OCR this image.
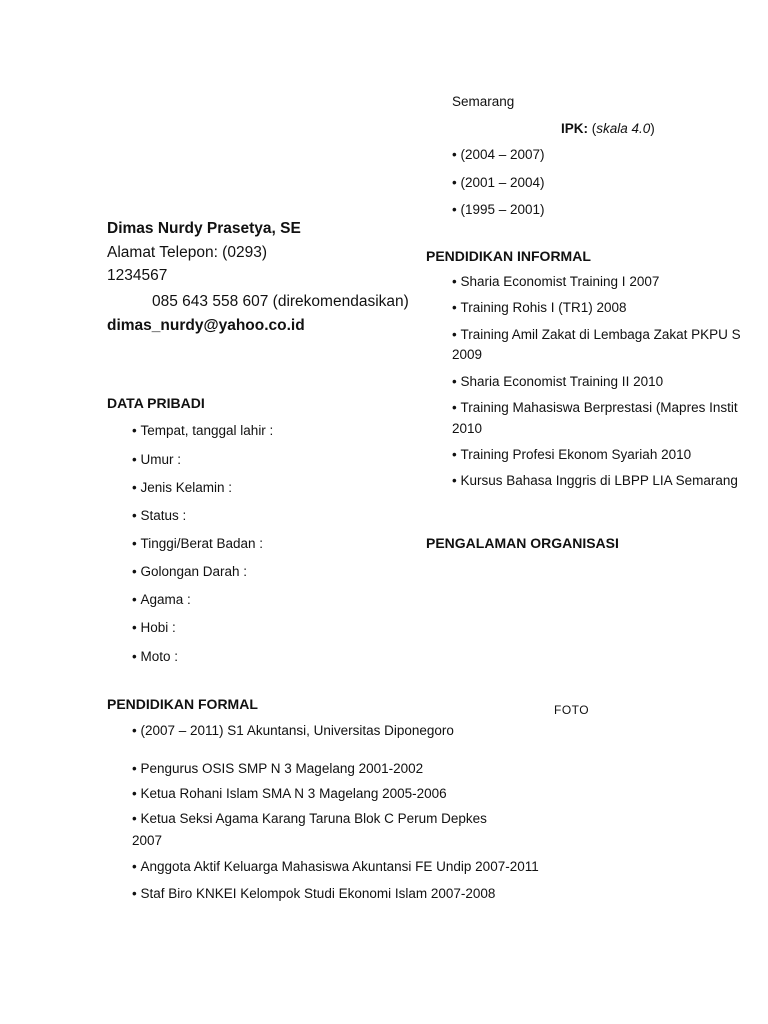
Semarang
IPK: (skala 4.0)
• (2004 – 2007)
• (2001 – 2004)
• (1995 – 2001)
Dimas Nurdy Prasetya, SE
Alamat Telepon: (0293)
1234567
085 643 558 607 (direkomendasikan)
dimas_nurdy@yahoo.co.id
PENDIDIKAN INFORMAL
• Sharia Economist Training I 2007
• Training Rohis I (TR1) 2008
• Training Amil Zakat di Lembaga Zakat PKPU S
2009
• Sharia Economist Training II 2010
• Training Mahasiswa Berprestasi (Mapres Instit
2010
• Training Profesi Ekonom Syariah 2010
• Kursus Bahasa Inggris di LBPP LIA Semarang
DATA PRIBADI
• Tempat, tanggal lahir :
• Umur :
• Jenis Kelamin :
• Status :
• Tinggi/Berat Badan :
• Golongan Darah :
• Agama :
• Hobi :
• Moto :
PENGALAMAN ORGANISASI
PENDIDIKAN FORMAL
• (2007 – 2011) S1 Akuntansi, Universitas Diponegoro
FOTO
• Pengurus OSIS SMP N 3 Magelang 2001-2002
• Ketua Rohani Islam SMA N 3 Magelang 2005-2006
• Ketua Seksi Agama Karang Taruna Blok C Perum Depkes
2007
• Anggota Aktif Keluarga Mahasiswa Akuntansi FE Undip 2007-2011
• Staf Biro KNKEI Kelompok Studi Ekonomi Islam 2007-2008
